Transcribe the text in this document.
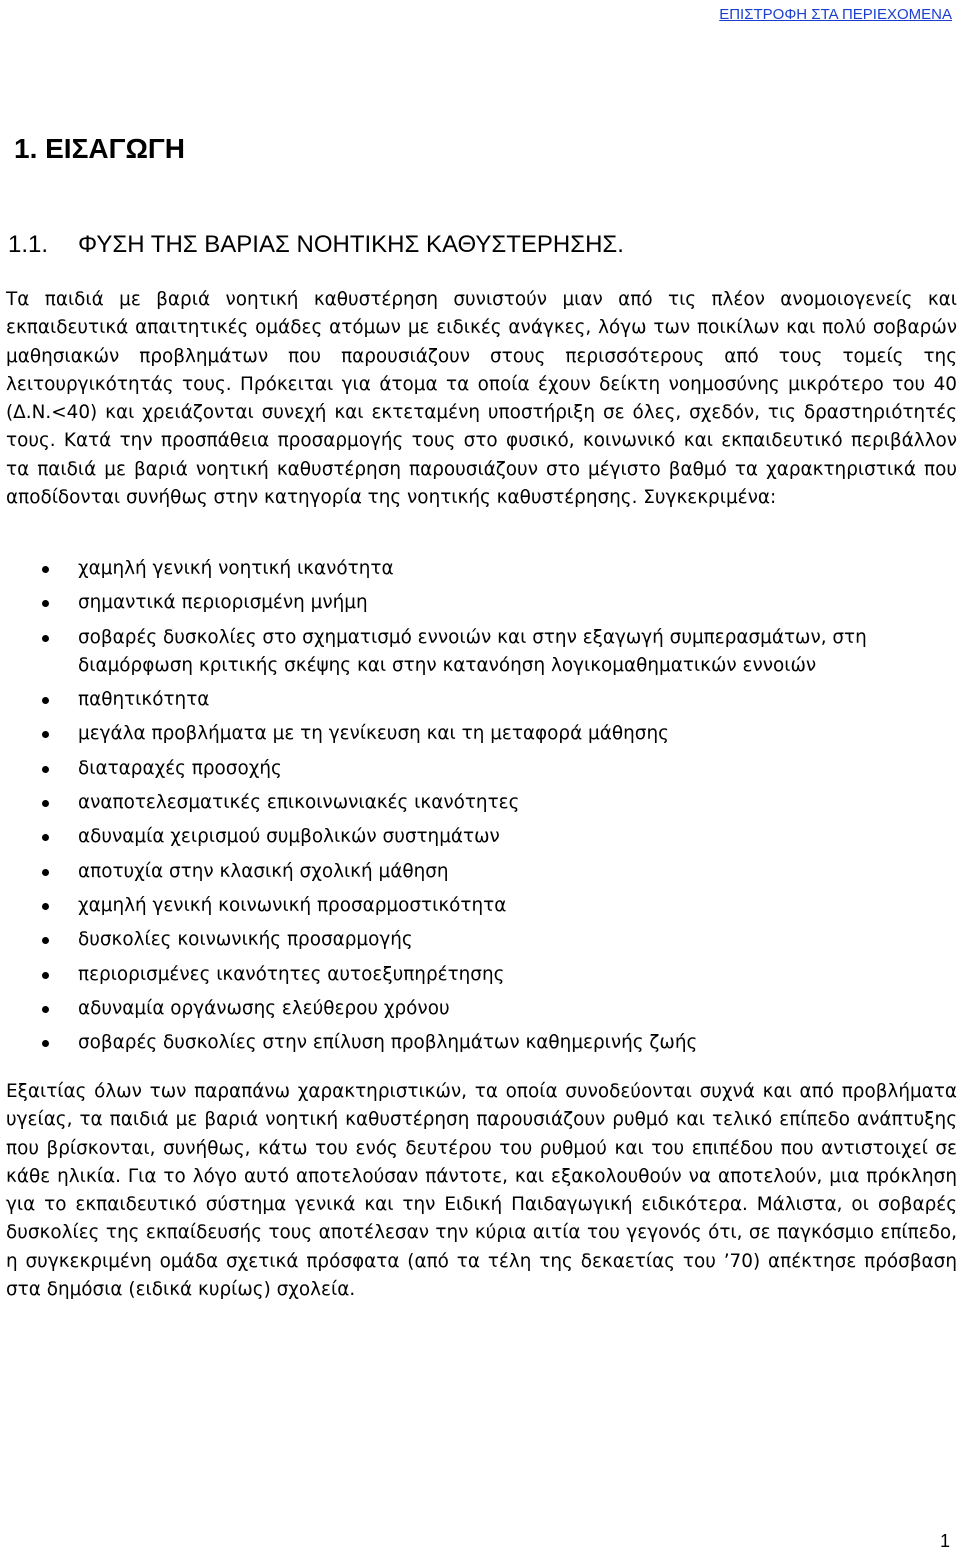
ΕΠΙΣΤΡΟΦΗ ΣΤΑ ΠΕΡΙΕΧΟΜΕΝΑ
1. ΕΙΣΑΓΩΓΗ
1.1. ΦΥΣΗ ΤΗΣ ΒΑΡΙΑΣ ΝΟΗΤΙΚΗΣ ΚΑΘΥΣΤΕΡΗΣΗΣ.

Τα παιδιά με βαριά νοητική καθυστέρηση συνιστούν μιαν από τις πλέον ανομοιογενείς και εκπαιδευτικά απαιτητικές ομάδες ατόμων με ειδικές ανάγκες, λόγω των ποικίλων και πολύ σοβαρών μαθησιακών προβλημάτων που παρουσιάζουν στους περισσότερους από τους τομείς της λειτουργικότητάς τους. Πρόκειται για άτομα τα οποία έχουν δείκτη νοημοσύνης μικρότερο του 40 (Δ.Ν.<40) και χρειάζονται συνεχή και εκτεταμένη υποστήριξη σε όλες, σχεδόν, τις δραστηριότητές τους. Κατά την προσπάθεια προσαρμογής τους στο φυσικό, κοινωνικό και εκπαιδευτικό περιβάλλον τα παιδιά με βαριά νοητική καθυστέρηση παρουσιάζουν στο μέγιστο βαθμό τα χαρακτηριστικά που αποδίδονται συνήθως στην κατηγορία της νοητικής καθυστέρησης. Συγκεκριμένα:

χαμηλή γενική νοητική ικανότητα
σημαντικά περιορισμένη μνήμη
σοβαρές δυσκολίες στο σχηματισμό εννοιών και στην εξαγωγή συμπερασμάτων, στη διαμόρφωση κριτικής σκέψης και στην κατανόηση λογικομαθηματικών εννοιών
παθητικότητα
μεγάλα προβλήματα με τη γενίκευση και τη μεταφορά μάθησης
διαταραχές προσοχής
αναποτελεσματικές επικοινωνιακές ικανότητες
αδυναμία χειρισμού συμβολικών συστημάτων
αποτυχία στην κλασική σχολική μάθηση
χαμηλή γενική κοινωνική προσαρμοστικότητα
δυσκολίες κοινωνικής προσαρμογής
περιορισμένες ικανότητες αυτοεξυπηρέτησης
αδυναμία οργάνωσης ελεύθερου χρόνου
σοβαρές δυσκολίες στην επίλυση προβλημάτων καθημερινής ζωής

Εξαιτίας όλων των παραπάνω χαρακτηριστικών, τα οποία συνοδεύονται συχνά και από προβλήματα υγείας, τα παιδιά με βαριά νοητική καθυστέρηση παρουσιάζουν ρυθμό και τελικό επίπεδο ανάπτυξης που βρίσκονται, συνήθως, κάτω του ενός δευτέρου του ρυθμού και του επιπέδου που αντιστοιχεί σε κάθε ηλικία. Για το λόγο αυτό αποτελούσαν πάντοτε, και εξακολουθούν να αποτελούν, μια πρόκληση για το εκπαιδευτικό σύστημα γενικά και την Ειδική Παιδαγωγική ειδικότερα. Μάλιστα, οι σοβαρές δυσκολίες της εκπαίδευσής τους αποτέλεσαν την κύρια αιτία του γεγονός ότι, σε παγκόσμιο επίπεδο, η συγκεκριμένη ομάδα σχετικά πρόσφατα (από τα τέλη της δεκαετίας του ’70) απέκτησε πρόσβαση στα δημόσια (ειδικά κυρίως) σχολεία.

1
